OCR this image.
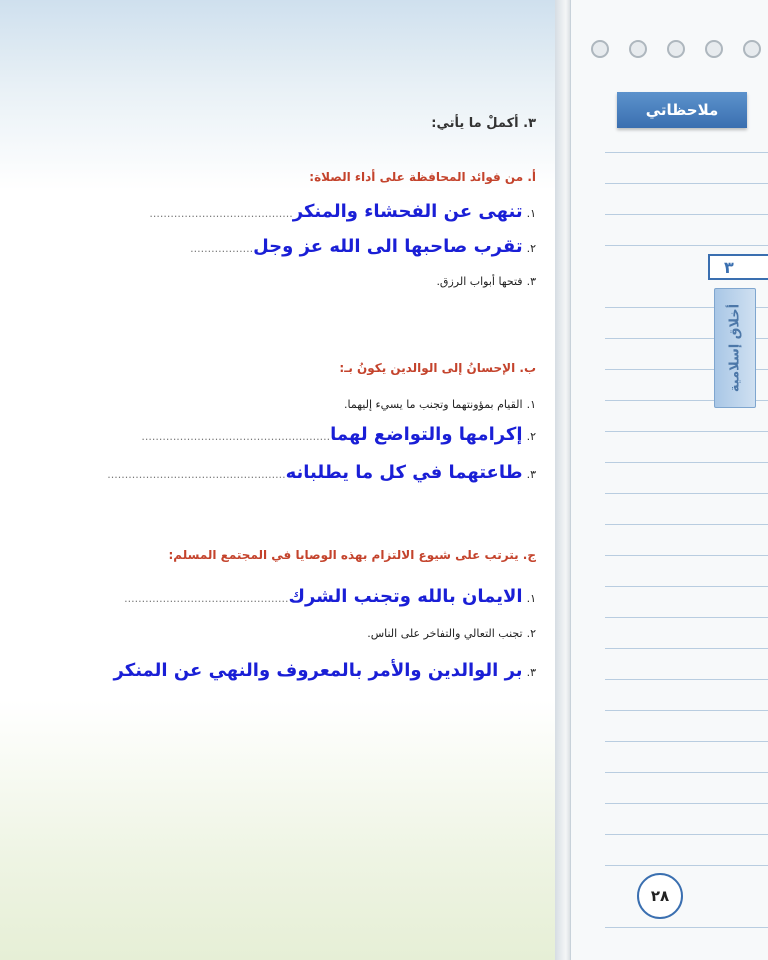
ملاحظاتي
٣
أخلاق إسلامية
٢٨
٣. أكملْ ما يأتي:
أ. من فوائد المحافظة على أداء الصلاة:
١.تنهى عن الفحشاء والمنكر.........................................
٢.تقرب صاحبها الى الله عز وجل..................
٣.فتحها أبواب الرزق.
ب. الإحسانُ إلى الوالدين يكونُ بـ:
١.القيام بمؤونتهما وتجنب ما يسيء إليهما.
٢.إكرامها والتواضع لهما......................................................
٣.طاعتهما في كل ما يطلبانه...................................................
ج. يترتب على شيوع الالتزام بهذه الوصايا في المجتمع المسلم:
١.الايمان بالله وتجنب الشرك...............................................
٢.تجنب التعالي والتفاخر على الناس.
٣.بر الوالدين والأمر بالمعروف والنهي عن المنكر
